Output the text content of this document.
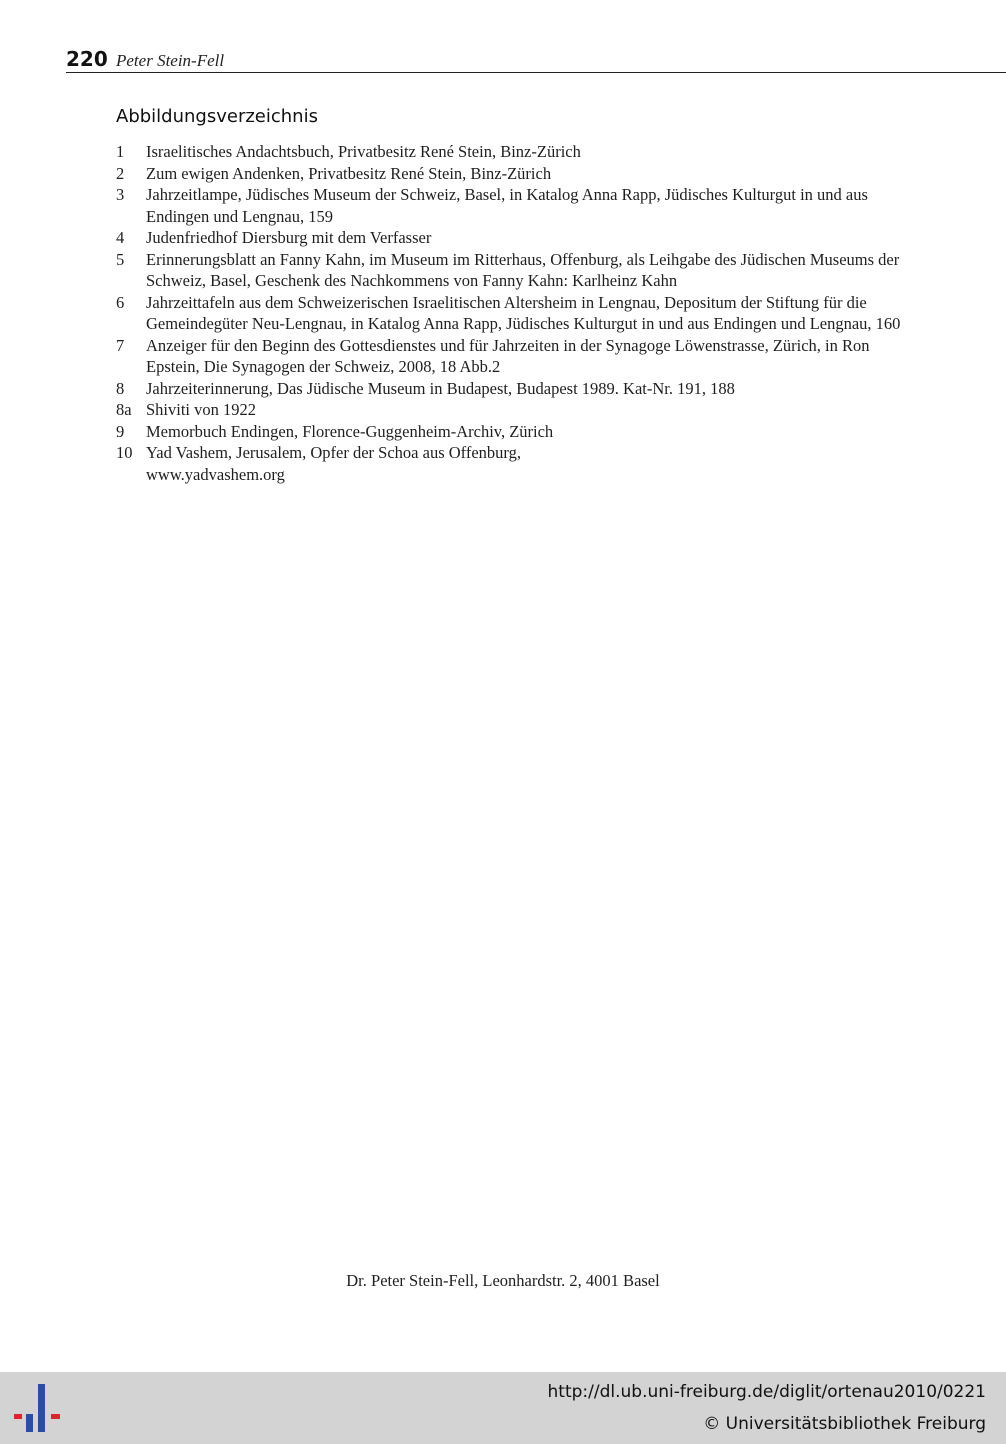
220 Peter Stein-Fell
Abbildungsverzeichnis
1	Israelitisches Andachtsbuch, Privatbesitz René Stein, Binz-Zürich
2	Zum ewigen Andenken, Privatbesitz René Stein, Binz-Zürich
3	Jahrzeitlampe, Jüdisches Museum der Schweiz, Basel, in Katalog Anna Rapp, Jüdisches Kulturgut in und aus Endingen und Lengnau, 159
4	Judenfriedhof Diersburg mit dem Verfasser
5	Erinnerungsblatt an Fanny Kahn, im Museum im Ritterhaus, Offenburg, als Leihgabe des Jüdischen Museums der Schweiz, Basel, Geschenk des Nachkommens von Fanny Kahn: Karlheinz Kahn
6	Jahrzeittafeln aus dem Schweizerischen Israelitischen Altersheim in Lengnau, Depositum der Stiftung für die Gemeindegüter Neu-Lengnau, in Katalog Anna Rapp, Jüdisches Kulturgut in und aus Endingen und Lengnau, 160
7	Anzeiger für den Beginn des Gottesdienstes und für Jahrzeiten in der Synagoge Löwenstrasse, Zürich, in Ron Epstein, Die Synagogen der Schweiz, 2008, 18 Abb.2
8	Jahrzeiterinnerung, Das Jüdische Museum in Budapest, Budapest 1989. Kat-Nr. 191, 188
8a Shiviti von 1922
9	Memorbuch Endingen, Florence-Guggenheim-Archiv, Zürich
10 Yad Vashem, Jerusalem, Opfer der Schoa aus Offenburg, www.yadvashem.org
Dr. Peter Stein-Fell, Leonhardstr. 2, 4001 Basel
http://dl.ub.uni-freiburg.de/diglit/ortenau2010/0221
© Universitätsbibliothek Freiburg
